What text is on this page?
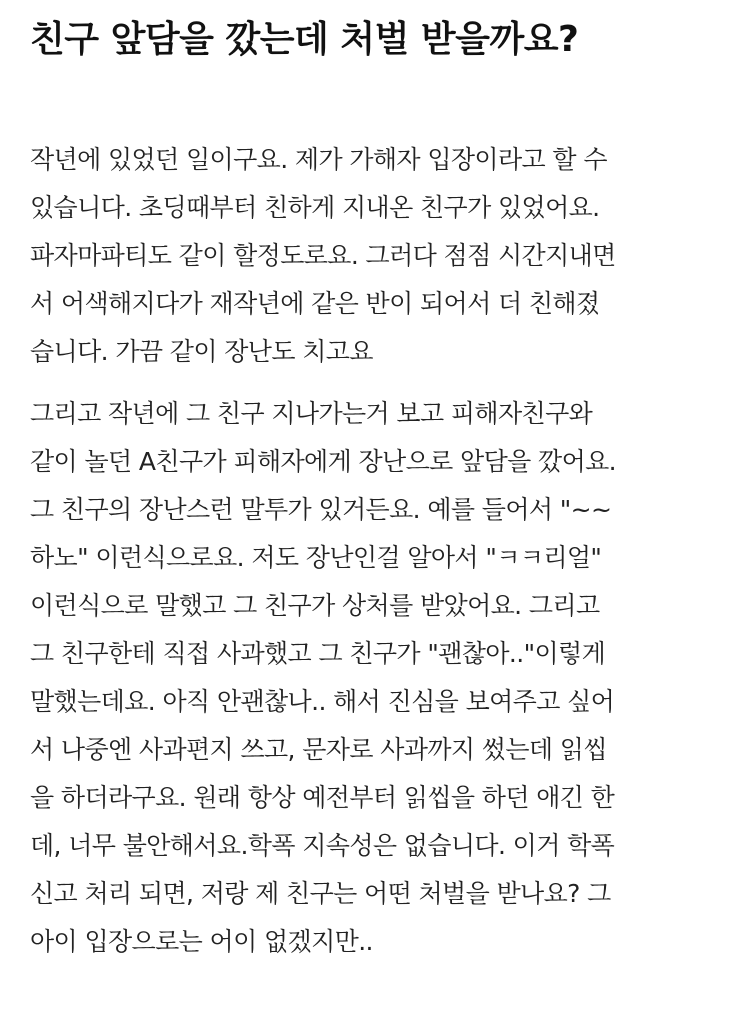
친구 앞담을 깠는데 처벌 받을까요?

작년에 있었던 일이구요. 제가 가해자 입장이라고 할 수
있습니다. 초딩때부터 친하게 지내온 친구가 있었어요.
파자마파티도 같이 할정도로요. 그러다 점점 시간지내면
서 어색해지다가 재작년에 같은 반이 되어서 더 친해졌
습니다. 가끔 같이 장난도 치고요

그리고 작년에 그 친구 지나가는거 보고 피해자친구와
같이 놀던 A친구가 피해자에게 장난으로 앞담을 깠어요.
그 친구의 장난스런 말투가 있거든요. 예를 들어서 "~~
하노" 이런식으로요. 저도 장난인걸 알아서 "ㅋㅋ리얼"
이런식으로 말했고 그 친구가 상처를 받았어요. 그리고
그 친구한테 직접 사과했고 그 친구가 "괜찮아.."이렇게
말했는데요. 아직 안괜찮나.. 해서 진심을 보여주고 싶어
서 나중엔 사과편지 쓰고, 문자로 사과까지 썼는데 읽씹
을 하더라구요. 원래 항상 예전부터 읽씹을 하던 애긴 한
데, 너무 불안해서요.학폭 지속성은 없습니다. 이거 학폭
신고 처리 되면, 저랑 제 친구는 어떤 처벌을 받나요? 그
아이 입장으로는 어이 없겠지만..
